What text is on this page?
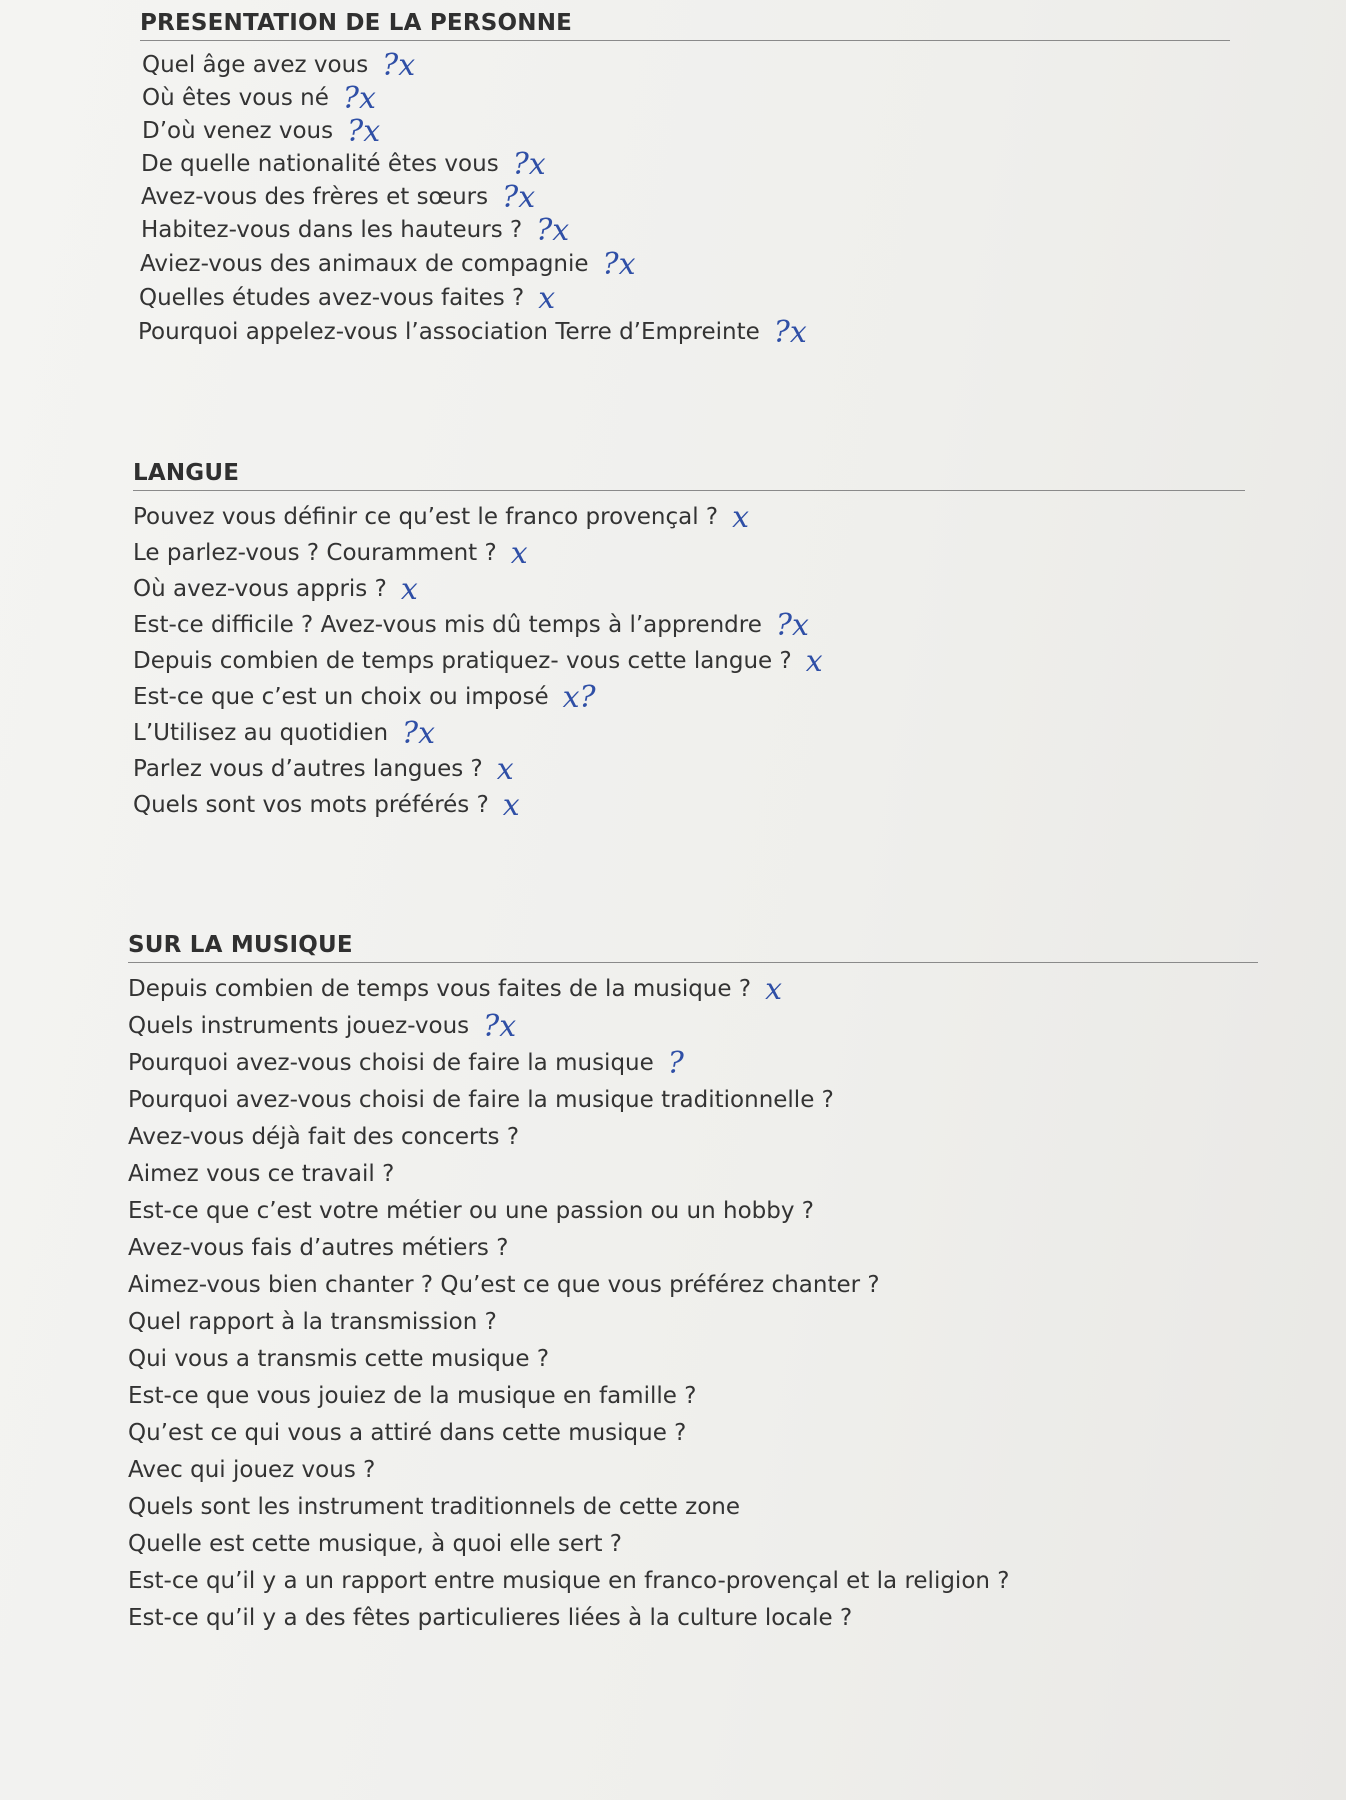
PRESENTATION DE LA PERSONNE
Quel âge avez vous ?x
Où êtes vous né ?x
D’où venez vous ?x
De quelle nationalité êtes vous ?x
Avez-vous des frères et sœurs ?x
Habitez-vous dans les hauteurs ? ?x
Aviez-vous des animaux de compagnie ?x
Quelles études avez-vous faites ? x
Pourquoi appelez-vous l’association Terre d’Empreinte ?x
LANGUE
Pouvez vous définir ce qu’est le franco provençal ? x
Le parlez-vous ? Couramment ? x
Où avez-vous appris ? x
Est-ce difficile ? Avez-vous mis dû temps à l’apprendre ?x
Depuis combien de temps pratiquez- vous cette langue ? x
Est-ce que c’est un choix ou imposé x?
L’Utilisez au quotidien ?x
Parlez vous d’autres langues ? x
Quels sont vos mots préférés ? x
SUR LA MUSIQUE
Depuis combien de temps vous faites de la musique ? x
Quels instruments jouez-vous ?x
Pourquoi avez-vous choisi de faire la musique ?
Pourquoi avez-vous choisi de faire la musique traditionnelle ?
Avez-vous déjà fait des concerts ?
Aimez vous ce travail ?
Est-ce que c’est votre métier ou une passion ou un hobby ?
Avez-vous fais d’autres métiers ?
Aimez-vous bien chanter ? Qu’est ce que vous préférez chanter ?
Quel rapport à la transmission ?
Qui vous a transmis cette musique ?
Est-ce que vous jouiez de la musique en famille ?
Qu’est ce qui vous a attiré dans cette musique ?
Avec qui jouez vous ?
Quels sont les instrument traditionnels de cette zone
Quelle est cette musique, à quoi elle sert ?
Est-ce qu’il y a un rapport entre musique en franco-provençal et la religion ?
Est-ce qu’il y a des fêtes particulieres liées à la culture locale ?
